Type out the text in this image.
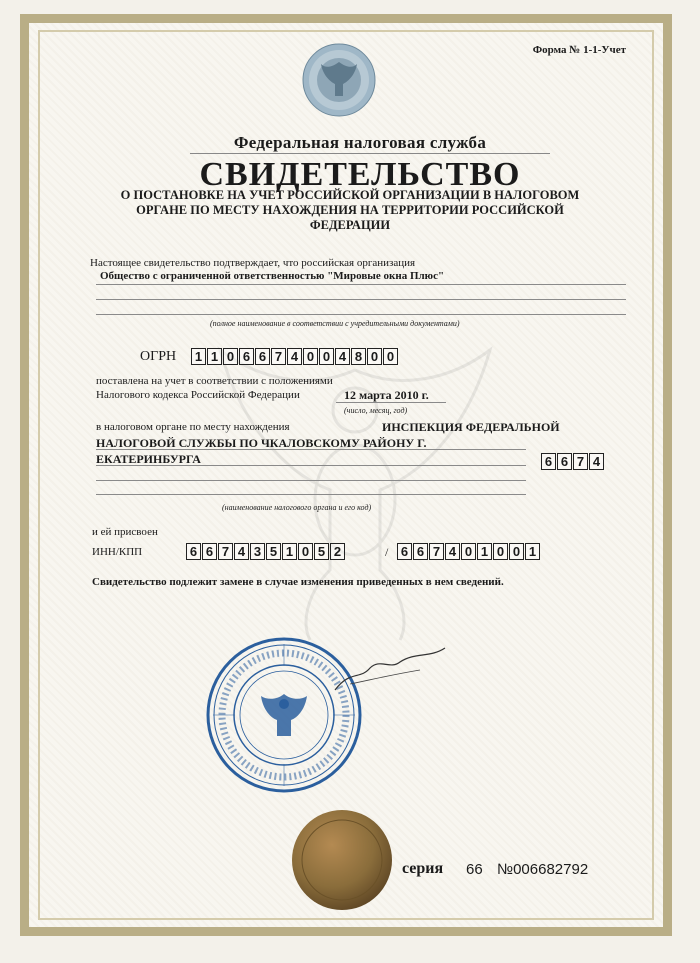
Форма № 1-1-Учет
Федеральная налоговая служба
СВИДЕТЕЛЬСТВО
О ПОСТАНОВКЕ НА УЧЕТ РОССИЙСКОЙ ОРГАНИЗАЦИИ В НАЛОГОВОМ ОРГАНЕ ПО МЕСТУ НАХОЖДЕНИЯ НА ТЕРРИТОРИИ РОССИЙСКОЙ ФЕДЕРАЦИИ
Настоящее свидетельство подтверждает, что российская организация
Общество с ограниченной ответственностью "Мировые окна Плюс"
(полное наименование в соответствии с учредительными документами)
ОГРН 1 1 0 6 6 7 4 0 0 4 8 0 0
поставлена на учет в соответствии с положениями
Налогового кодекса Российской Федерации	12 марта 2010 г.
(число, месяц, год)
в налоговом органе по месту нахождения	ИНСПЕКЦИЯ ФЕДЕРАЛЬНОЙ
НАЛОГОВОЙ СЛУЖБЫ ПО ЧКАЛОВСКОМУ РАЙОНУ Г.
ЕКАТЕРИНБУРГА	6 6 7 4
(наименование налогового органа и его код)
и ей присвоен
ИНН/КПП	6 6 7 4 3 5 1 0 5 2	/ 6 6 7 4 0 1 0 0 1
Свидетельство подлежит замене в случае изменения приведенных в нем сведений.
серия 66 №006682792
